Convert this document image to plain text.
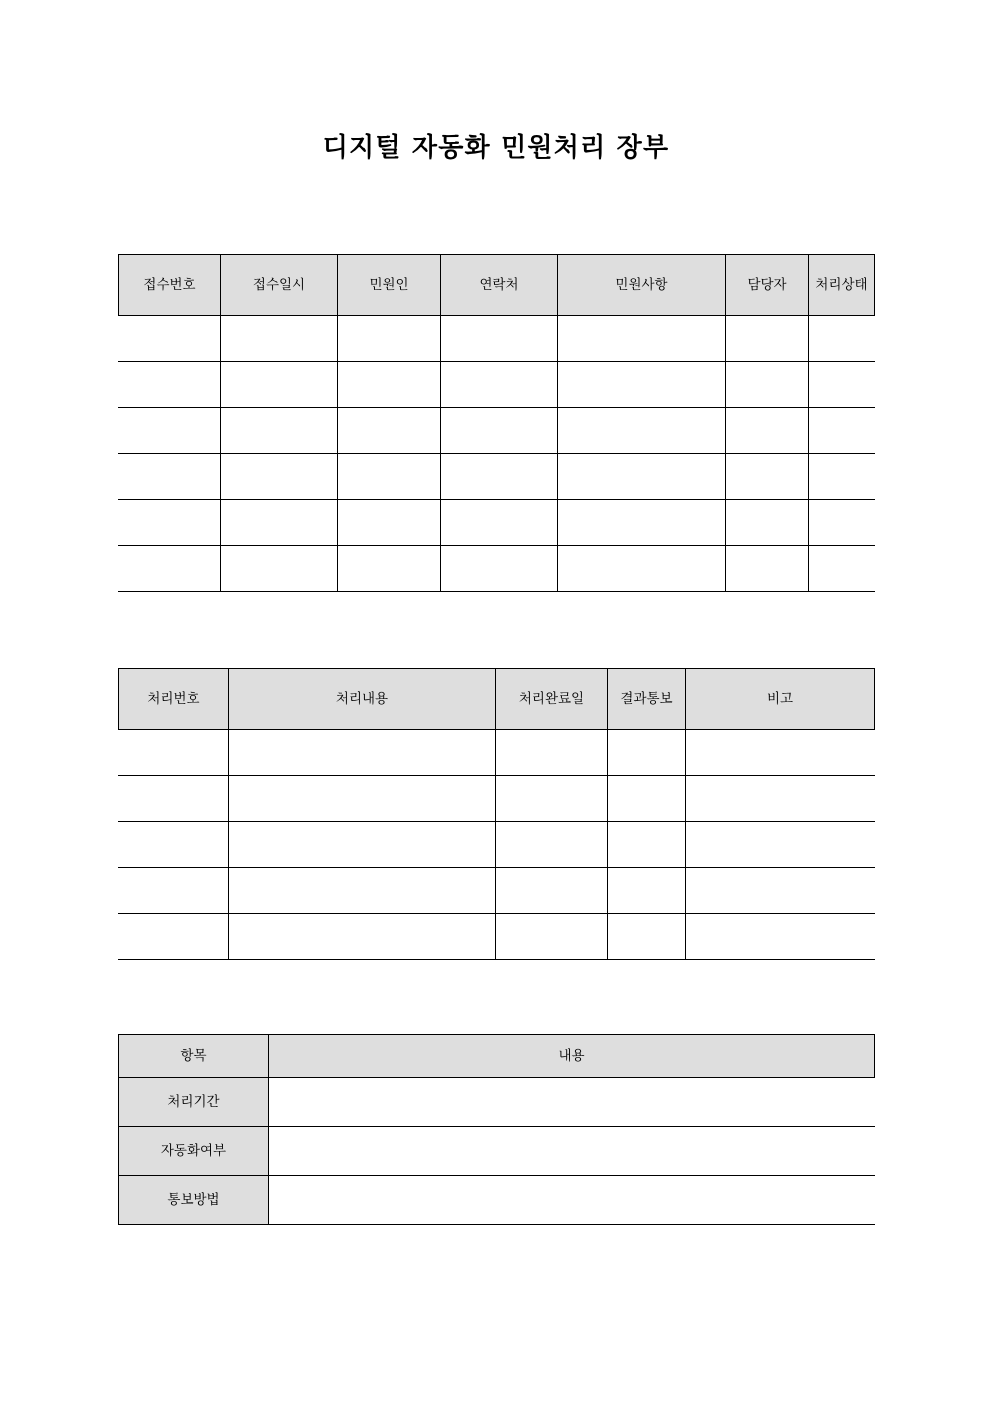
디지털 자동화 민원처리 장부
접수번호	접수일시	민원인	연락처	민원사항	담당자	처리상태

처리번호	처리내용	처리완료일	결과통보	비고

항목	내용
처리기간	
자동화여부	
통보방법	
